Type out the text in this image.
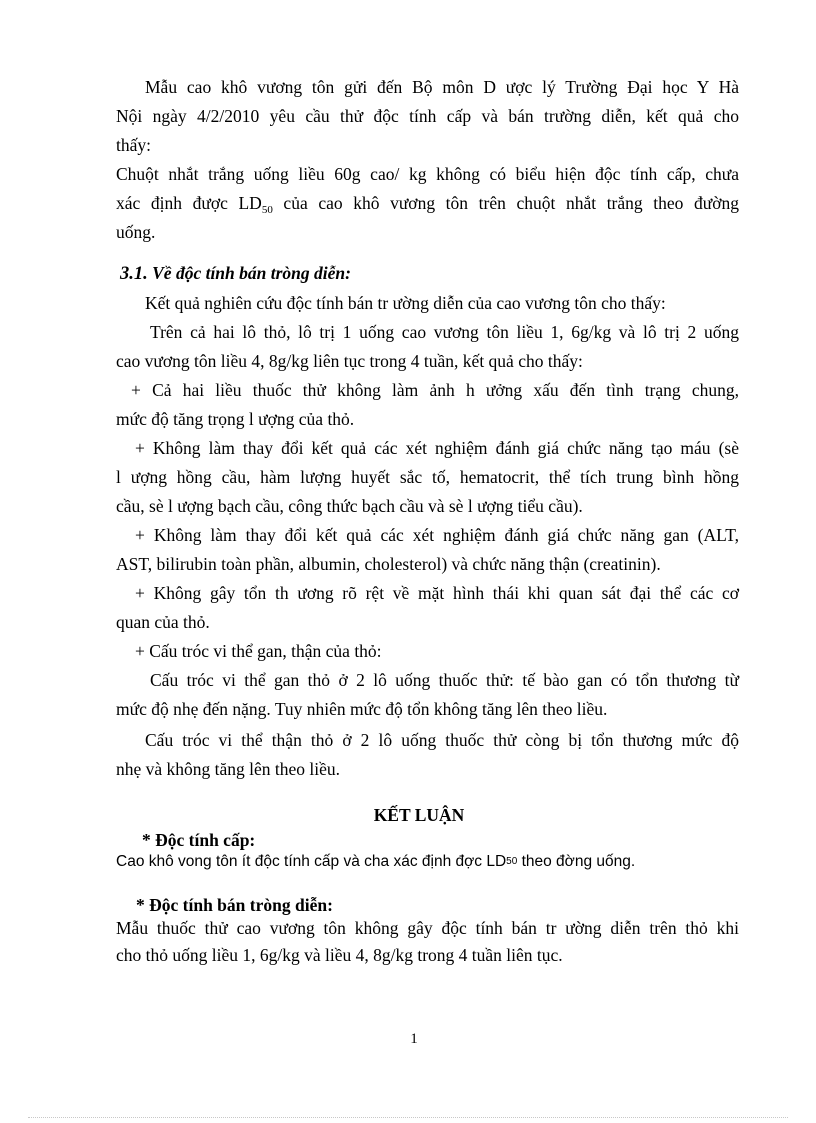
Mẫu cao khô vương tôn gửi đến Bộ môn D ược lý Trường Đại học Y Hà
Nội ngày 4/2/2010 yêu cầu thử độc tính cấp và bán trường diễn, kết quả cho
thấy:
Chuột nhắt trắng uống liều 60g cao/ kg không có biểu hiện độc tính cấp, chưa
xác định được $LD_{50}$ của cao khô vương tôn trên chuột nhắt trắng theo đường
uống.
3.1. Về độc tính bán tròng diễn:
Kết quả nghiên cứu độc tính bán tr ường diễn của cao vương tôn cho thấy:
Trên cả hai lô thỏ, lô trị 1 uống cao vương tôn liều 1, 6g/kg và lô trị 2 uống
cao vương tôn liều 4, 8g/kg liên tục trong 4 tuần, kết quả cho thấy:
+ Cả hai liều thuốc thử không làm ảnh h ưởng xấu đến tình trạng chung,
mức độ tăng trọng l ượng của thỏ.
+ Không làm thay đổi kết quả các xét nghiệm đánh giá chức năng tạo máu (sè
l ượng hồng cầu, hàm lượng huyết sắc tố, hematocrit, thể tích trung bình hồng
cầu, sè l ượng bạch cầu, công thức bạch cầu và sè l ượng tiểu cầu).
+ Không làm thay đổi kết quả các xét nghiệm đánh giá chức năng gan (ALT,
AST, bilirubin toàn phần, albumin, cholesterol) và chức năng thận (creatinin).
+ Không gây tổn th ương rõ rệt về mặt hình thái khi quan sát đại thể các cơ
quan của thỏ.
+ Cấu tróc vi thể gan, thận của thỏ:
Cấu tróc vi thể gan thỏ ở 2 lô uống thuốc thử: tế bào gan có tổn thương từ
mức độ nhẹ đến nặng. Tuy nhiên mức độ tổn không tăng lên theo liều.
Cấu tróc vi thể thận thỏ ở 2 lô uống thuốc thử còng bị tổn thương mức độ
nhẹ và không tăng lên theo liều.
KẾT LUẬN
* Độc tính cấp:
Cao khô vong tôn ít độc tính cấp và cha xác định đợc LD$^{50}$ theo đờng uống.
* Độc tính bán tròng diễn:
Mẫu thuốc thử cao vương tôn không gây độc tính bán tr ường diễn trên thỏ khi
cho thỏ uống liều 1, 6g/kg và liều 4, 8g/kg trong 4 tuần liên tục.
1
